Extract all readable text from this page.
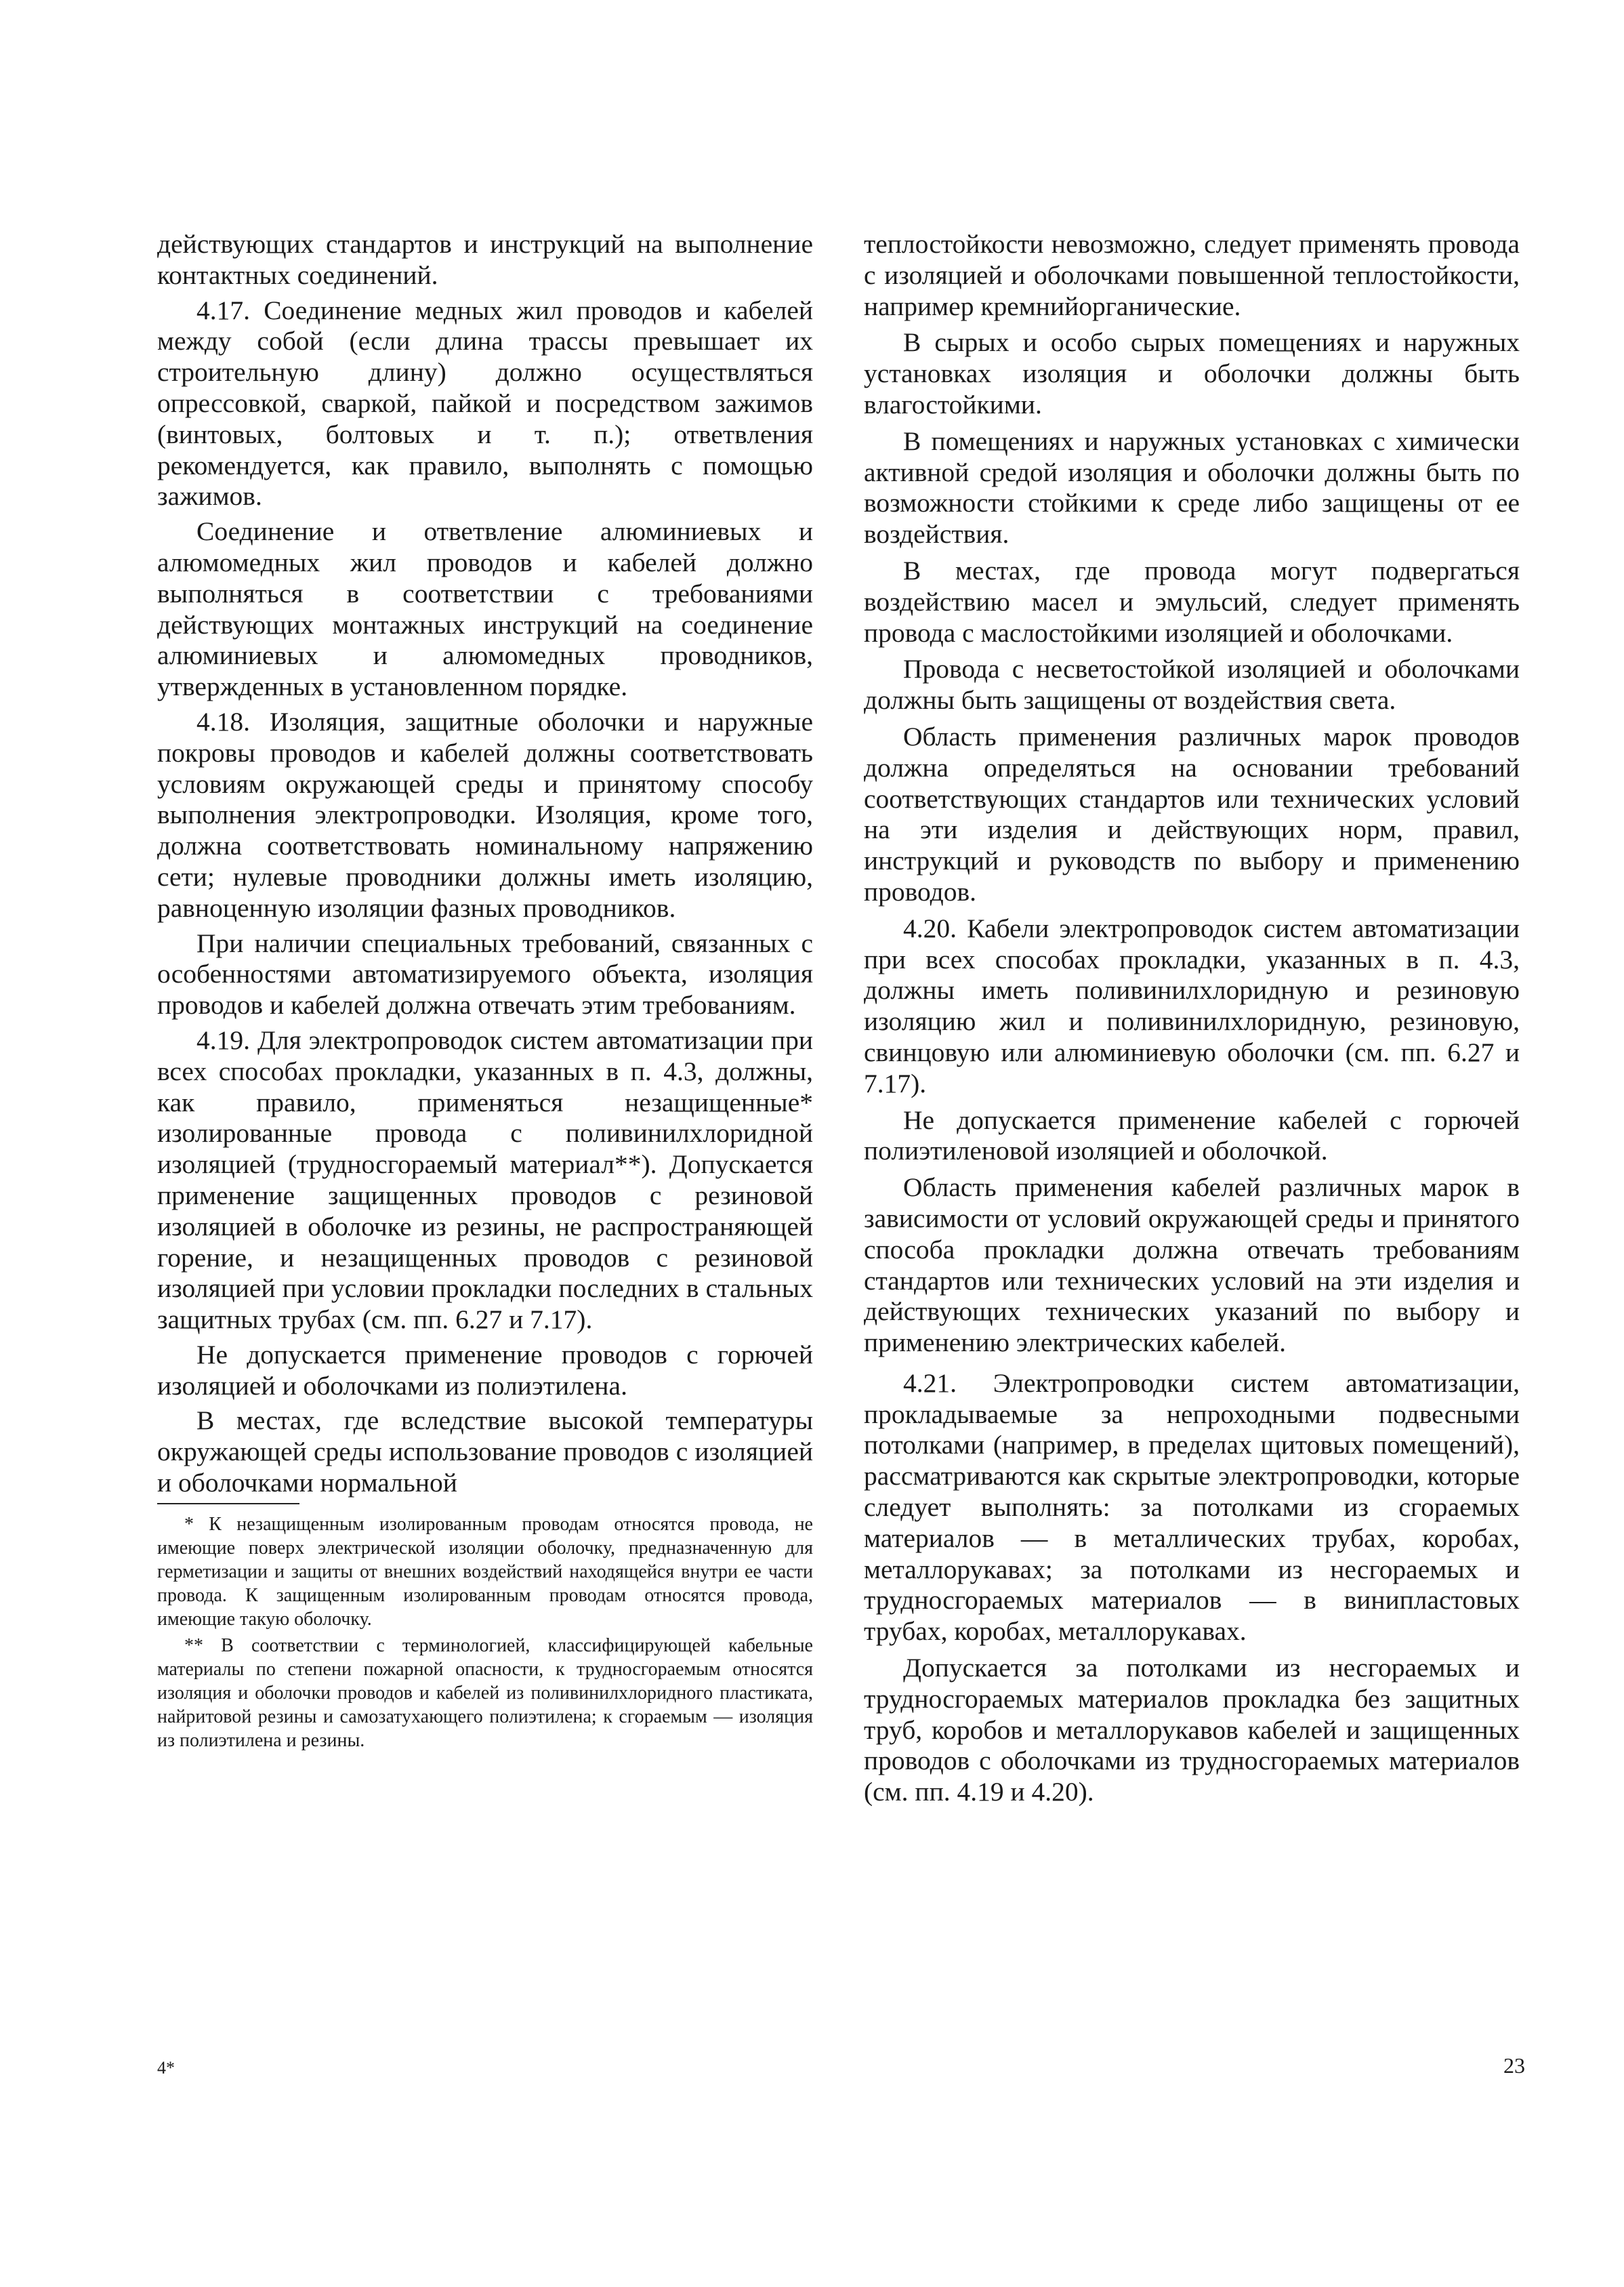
действующих стандартов и инструкций на выполнение контактных соединений.

4.17. Соединение медных жил проводов и кабелей между собой (если длина трассы превышает их строительную длину) должно осуществляться опрессовкой, сваркой, пайкой и посредством зажимов (винтовых, болтовых и т. п.); ответвления рекомендуется, как правило, выполнять с помощью зажимов.

Соединение и ответвление алюминиевых и алюмомедных жил проводов и кабелей должно выполняться в соответствии с требованиями действующих монтажных инструкций на соединение алюминиевых и алюмомедных проводников, утвержденных в установленном порядке.

4.18. Изоляция, защитные оболочки и наружные покровы проводов и кабелей должны соответствовать условиям окружающей среды и принятому способу выполнения электропроводки. Изоляция, кроме того, должна соответствовать номинальному напряжению сети; нулевые проводники должны иметь изоляцию, равноценную изоляции фазных проводников.

При наличии специальных требований, связанных с особенностями автоматизируемого объекта, изоляция проводов и кабелей должна отвечать этим требованиям.

4.19. Для электропроводок систем автоматизации при всех способах прокладки, указанных в п. 4.3, должны, как правило, применяться незащищенные* изолированные провода с поливинилхлоридной изоляцией (трудносгораемый материал**). Допускается применение защищенных проводов с резиновой изоляцией в оболочке из резины, не распространяющей горение, и незащищенных проводов с резиновой изоляцией при условии прокладки последних в стальных защитных трубах (см. пп. 6.27 и 7.17).

Не допускается применение проводов с горючей изоляцией и оболочками из полиэтилена.

В местах, где вследствие высокой температуры окружающей среды использование проводов с изоляцией и оболочками нормальной

* К незащищенным изолированным проводам относятся провода, не имеющие поверх электрической изоляции оболочку, предназначенную для герметизации и защиты от внешних воздействий находящейся внутри ее части провода. К защищенным изолированным проводам относятся провода, имеющие такую оболочку.

** В соответствии с терминологией, классифицирующей кабельные материалы по степени пожарной опасности, к трудносгораемым относятся изоляция и оболочки проводов и кабелей из поливинилхлоридного пластиката, найритовой резины и самозатухающего полиэтилена; к сгораемым — изоляция из полиэтилена и резины.

теплостойкости невозможно, следует применять провода с изоляцией и оболочками повышенной теплостойкости, например кремнийорганические.

В сырых и особо сырых помещениях и наружных установках изоляция и оболочки должны быть влагостойкими.

В помещениях и наружных установках с химически активной средой изоляция и оболочки должны быть по возможности стойкими к среде либо защищены от ее воздействия.

В местах, где провода могут подвергаться воздействию масел и эмульсий, следует применять провода с маслостойкими изоляцией и оболочками.

Провода с несветостойкой изоляцией и оболочками должны быть защищены от воздействия света.

Область применения различных марок проводов должна определяться на основании требований соответствующих стандартов или технических условий на эти изделия и действующих норм, правил, инструкций и руководств по выбору и применению проводов.

4.20. Кабели электропроводок систем автоматизации при всех способах прокладки, указанных в п. 4.3, должны иметь поливинилхлоридную и резиновую изоляцию жил и поливинилхлоридную, резиновую, свинцовую или алюминиевую оболочки (см. пп. 6.27 и 7.17).

Не допускается применение кабелей с горючей полиэтиленовой изоляцией и оболочкой.

Область применения кабелей различных марок в зависимости от условий окружающей среды и принятого способа прокладки должна отвечать требованиям стандартов или технических условий на эти изделия и действующих технических указаний по выбору и применению электрических кабелей.

4.21. Электропроводки систем автоматизации, прокладываемые за непроходными подвесными потолками (например, в пределах щитовых помещений), рассматриваются как скрытые электропроводки, которые следует выполнять: за потолками из сгораемых материалов — в металлических трубах, коробах, металлорукавах; за потолками из несгораемых и трудносгораемых материалов — в винипластовых трубах, коробах, металлорукавах.

Допускается за потолками из несгораемых и трудносгораемых материалов прокладка без защитных труб, коробов и металлорукавов кабелей и защищенных проводов с оболочками из трудносгораемых материалов (см. пп. 4.19 и 4.20).

4*	23
